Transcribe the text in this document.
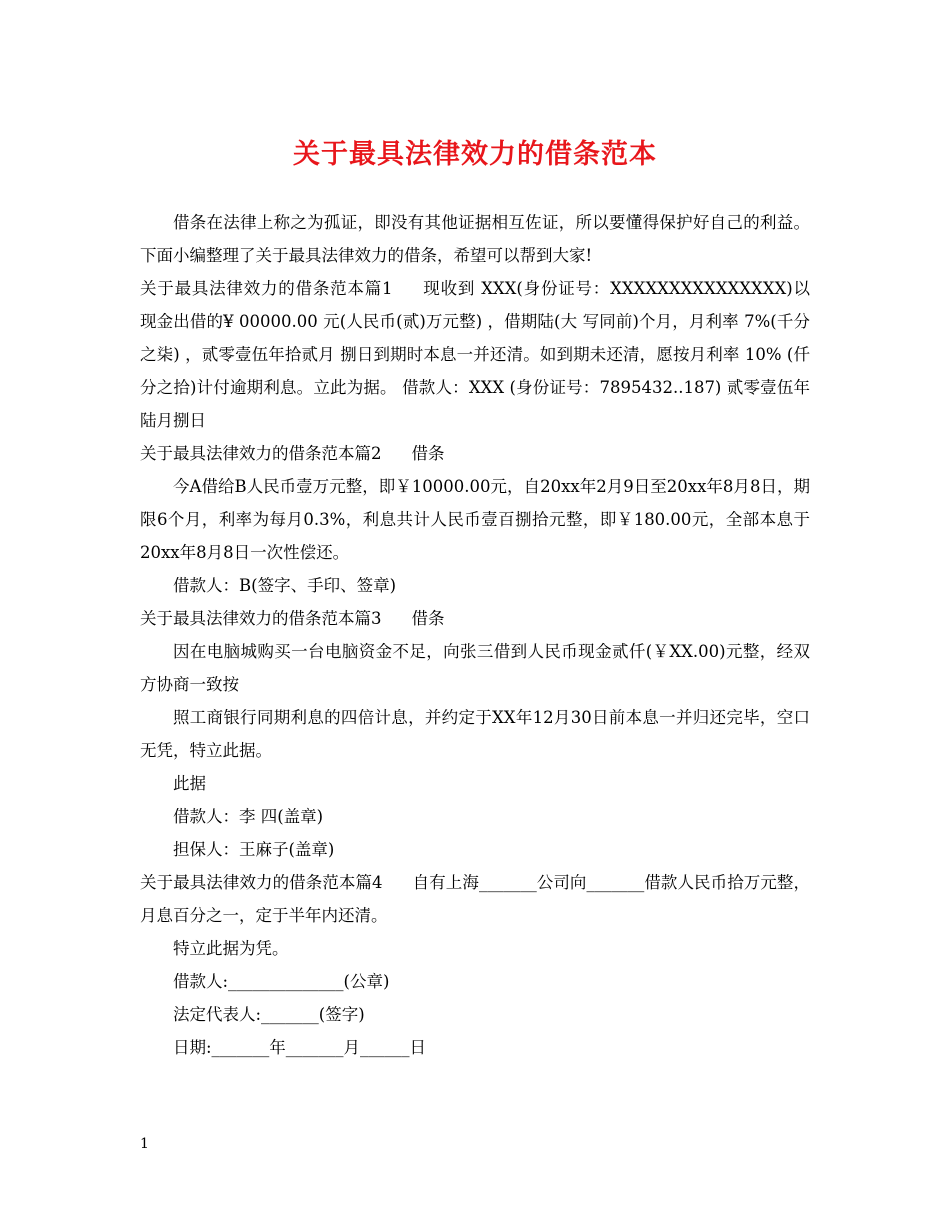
关于最具法律效力的借条范本

借条在法律上称之为孤证，即没有其他证据相互佐证，所以要懂得保护好自己的利益。下面小编整理了关于最具法律效力的借条，希望可以帮到大家!

关于最具法律效力的借条范本篇1 现收到 XXX(身份证号：XXXXXXXXXXXXXXX)以 现金出借的¥ 00000.00 元(人民币(贰)万元整) ，借期陆(大 写同前)个月，月利率 7%(千分之柒) ，贰零壹伍年拾贰月 捌日到期时本息一并还清。如到期未还清，愿按月利率 10% (仟分之拾)计付逾期利息。立此为据。 借款人：XXX (身份证号：7895432..187) 贰零壹伍年陆月捌日

关于最具法律效力的借条范本篇2 借条

今A借给B人民币壹万元整，即￥10000.00元，自20xx年2月9日至20xx年8月8日，期限6个月，利率为每月0.3%，利息共计人民币壹百捌拾元整，即￥180.00元，全部本息于20xx年8月8日一次性偿还。

借款人：B(签字、手印、签章)

关于最具法律效力的借条范本篇3 借条

因在电脑城购买一台电脑资金不足，向张三借到人民币现金贰仟(￥XX.00)元整，经双方协商一致按

照工商银行同期利息的四倍计息，并约定于XX年12月30日前本息一并归还完毕，空口无凭，特立此据。

此据

借款人：李 四(盖章)

担保人：王麻子(盖章)

关于最具法律效力的借条范本篇4 自有上海_______公司向_______借款人民币拾万元整，月息百分之一，定于半年内还清。

特立此据为凭。

借款人:______________(公章)

法定代表人:_______(签字)

日期:_______年_______月______日

1
